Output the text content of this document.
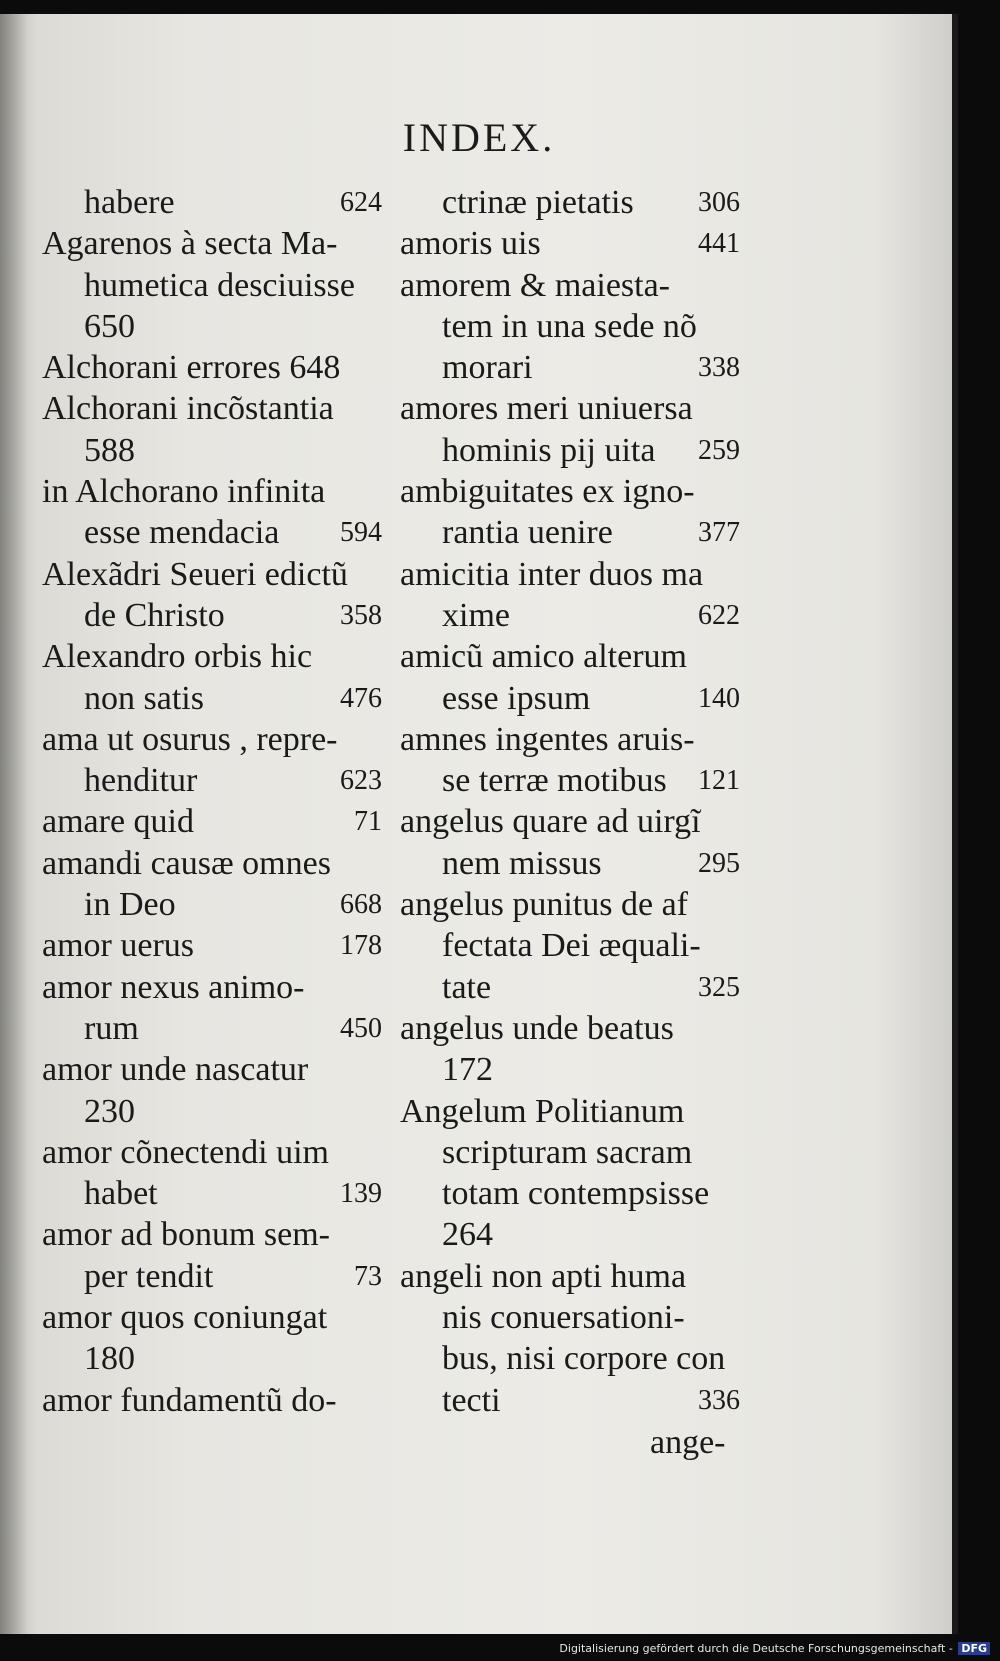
INDEX.
habere	624
Agarenos à secta Ma-
humetica desciuisse
650
Alchorani errores 648
Alchorani incõstantia
588
in Alchorano infinita
esse mendacia 594
Alexãdri Seueri edictũ
de Christo	358
Alexandro orbis hic
non satis	476
ama ut osurus , repre-
henditur	623
amare quid	71
amandi causæ omnes
in Deo	668
amor uerus	178
amor nexus animo-
rum	450
amor unde nascatur
230
amor cõnectendi uim
habet	139
amor ad bonum sem-
per tendit	73
amor quos coniungat
180
amor fundamentũ do-
ctrinæ pietatis 306
amoris uis	441
amorem & maiesta-
tem in una sede nõ
morari	338
amores meri uniuersa
hominis pij uita 259
ambiguitates ex igno-
rantia uenire	377
amicitia inter duos ma
xime	622
amicũ amico alterum
esse ipsum	140
amnes ingentes aruis-
se terræ motibus 121
angelus quare ad uirgĩ
nem missus	295
angelus punitus de af
fectata Dei æquali-
tate	325
angelus unde beatus
172
Angelum Politianum
scripturam sacram
totam contempsisse
264
angeli non apti huma
nis conuersationi-
bus, nisi corpore con
tecti	336
ange-
Digitalisierung gefördert durch die Deutsche Forschungsgemeinschaft - DFG
